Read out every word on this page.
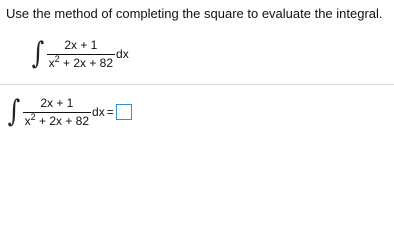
Use the method of completing the square to evaluate the integral.
∫ $\frac{2x + 1}{x^2 + 2x + 82}$ dx
∫ $\frac{2x + 1}{x^2 + 2x + 82}$ dx =
